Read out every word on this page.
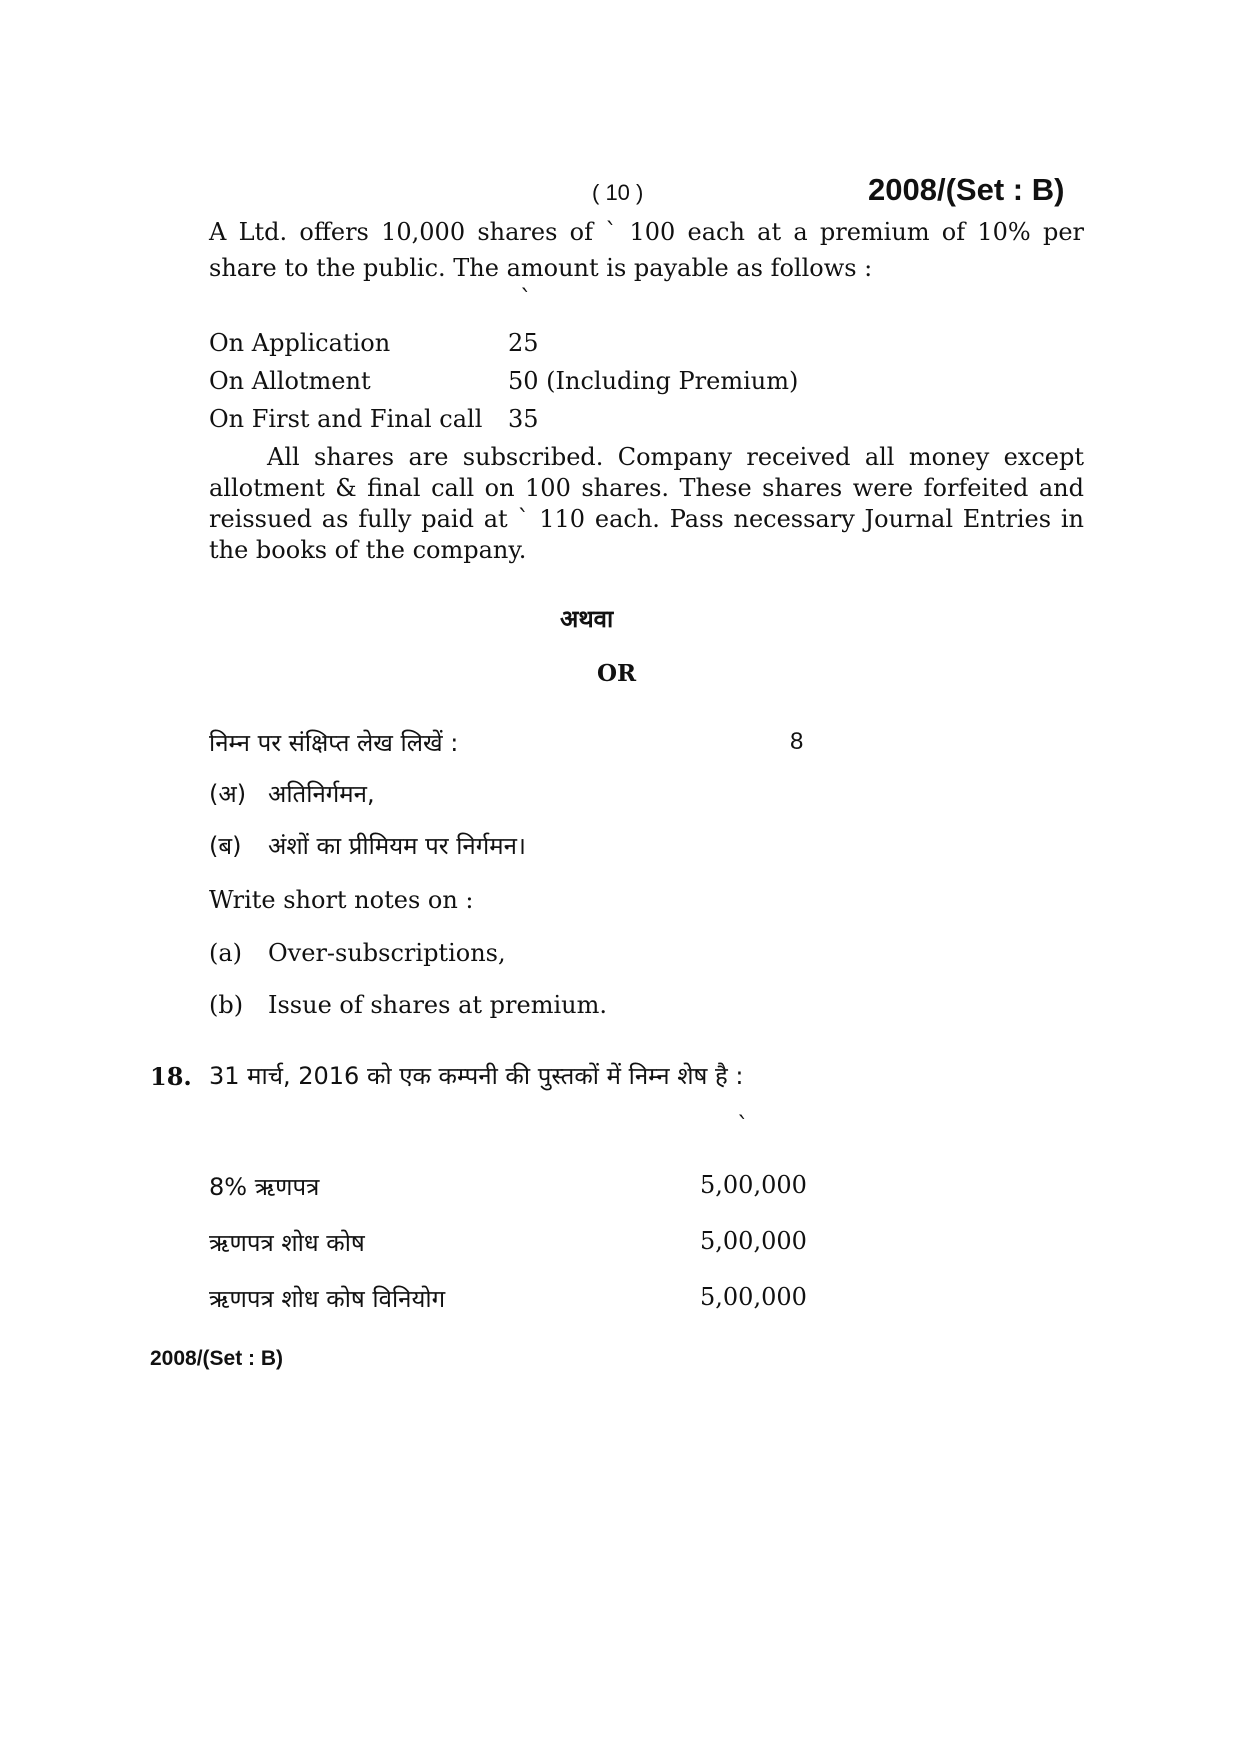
( 10 )	2008/(Set : B)
A Ltd. offers 10,000 shares of ` 100 each at a premium of 10% per share to the public. The amount is payable as follows :
`
On Application	25
On Allotment	50 (Including Premium)
On First and Final call 35
All shares are subscribed. Company received all money except allotment & final call on 100 shares. These shares were forfeited and reissued as fully paid at ` 110 each. Pass necessary Journal Entries in the books of the company.
अथवा
OR
निम्न पर संक्षिप्त लेख लिखें :	8
(अ) अतिनिर्गमन,
(ब) अंशों का प्रीमियम पर निर्गमन।
Write short notes on :
(a) Over-subscriptions,
(b) Issue of shares at premium.
18. 31 मार्च, 2016 को एक कम्पनी की पुस्तकों में निम्न शेष है :
`
8% ऋणपत्र	5,00,000
ऋणपत्र शोध कोष	5,00,000
ऋणपत्र शोध कोष विनियोग	5,00,000
2008/(Set : B)
